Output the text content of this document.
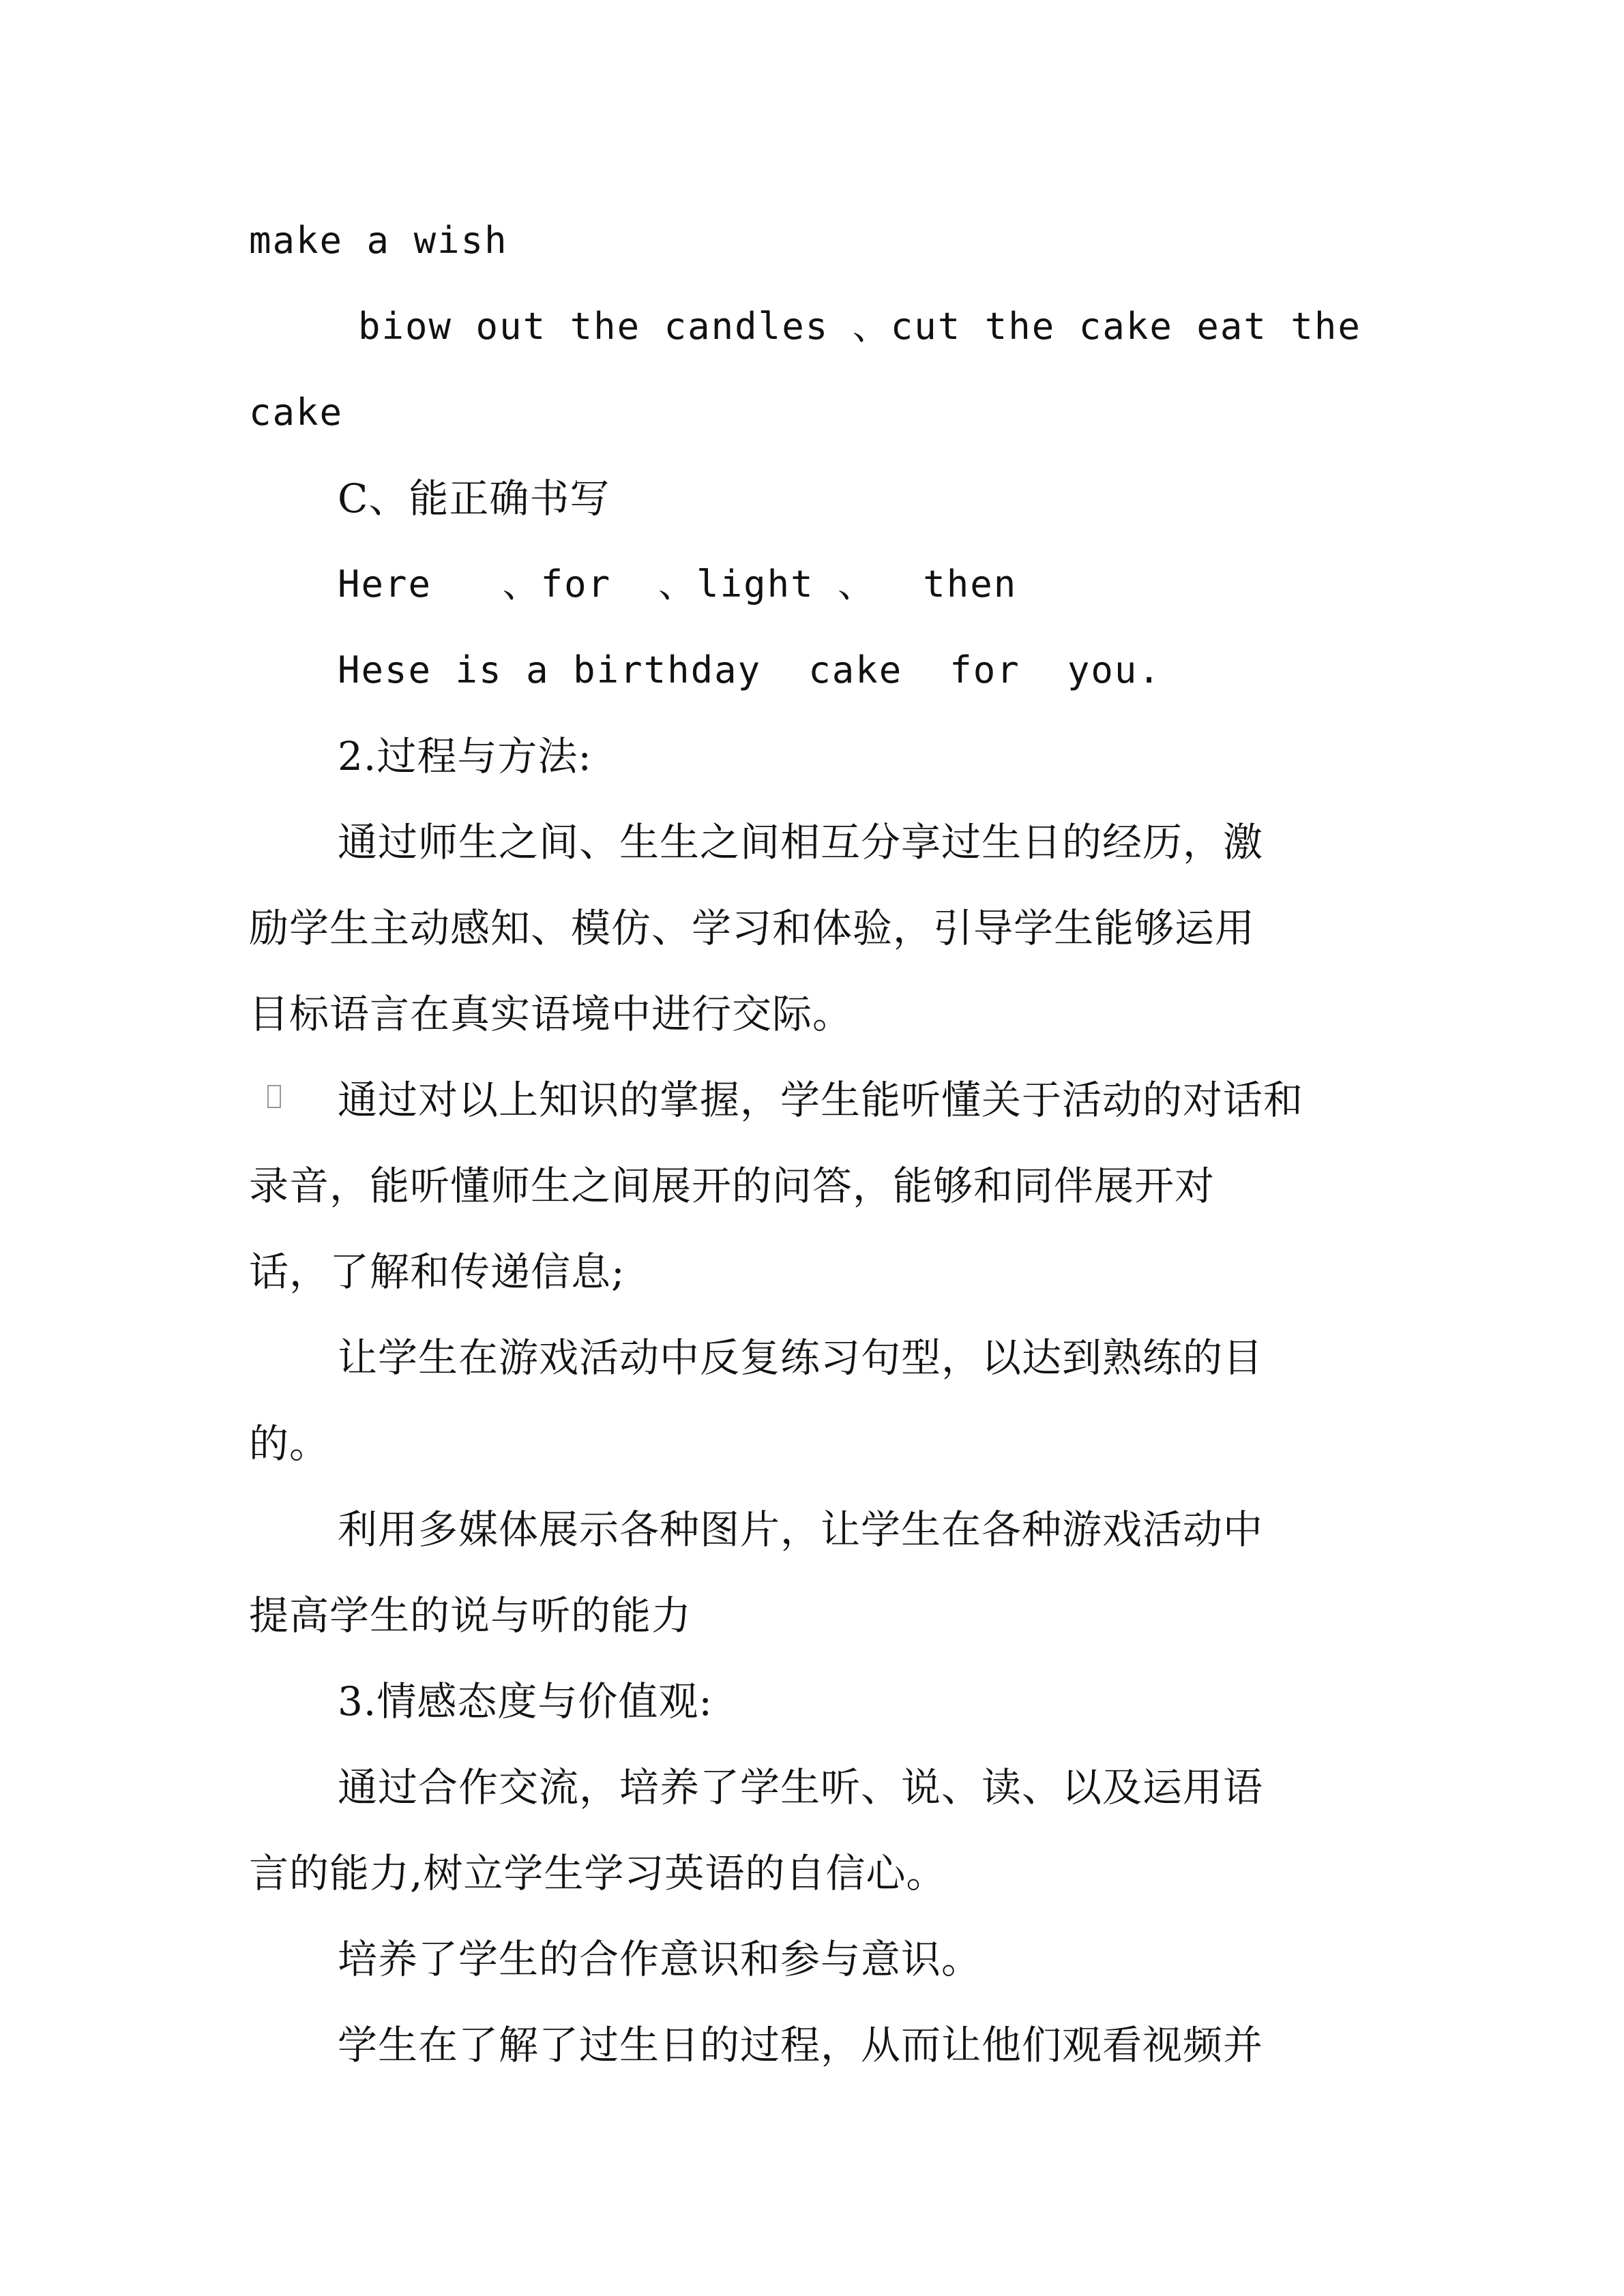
make a wish
biow out the candles 、cut the cake eat the
cake
C、能正确书写
Here   、for  、light 、  then
Hese is a birthday  cake  for  you.
2.过程与方法:
通过师生之间、生生之间相互分享过生日的经历，激
励学生主动感知、模仿、学习和体验，引导学生能够运用
目标语言在真实语境中进行交际。
通过对以上知识的掌握，学生能听懂关于活动的对话和
录音，能听懂师生之间展开的问答，能够和同伴展开对
话，了解和传递信息;
让学生在游戏活动中反复练习句型，以达到熟练的目
的。
利用多媒体展示各种图片，让学生在各种游戏活动中
提高学生的说与听的能力
3.情感态度与价值观:
通过合作交流，培养了学生听、说、读、以及运用语
言的能力,树立学生学习英语的自信心。
培养了学生的合作意识和参与意识。
学生在了解了过生日的过程，从而让他们观看视频并
